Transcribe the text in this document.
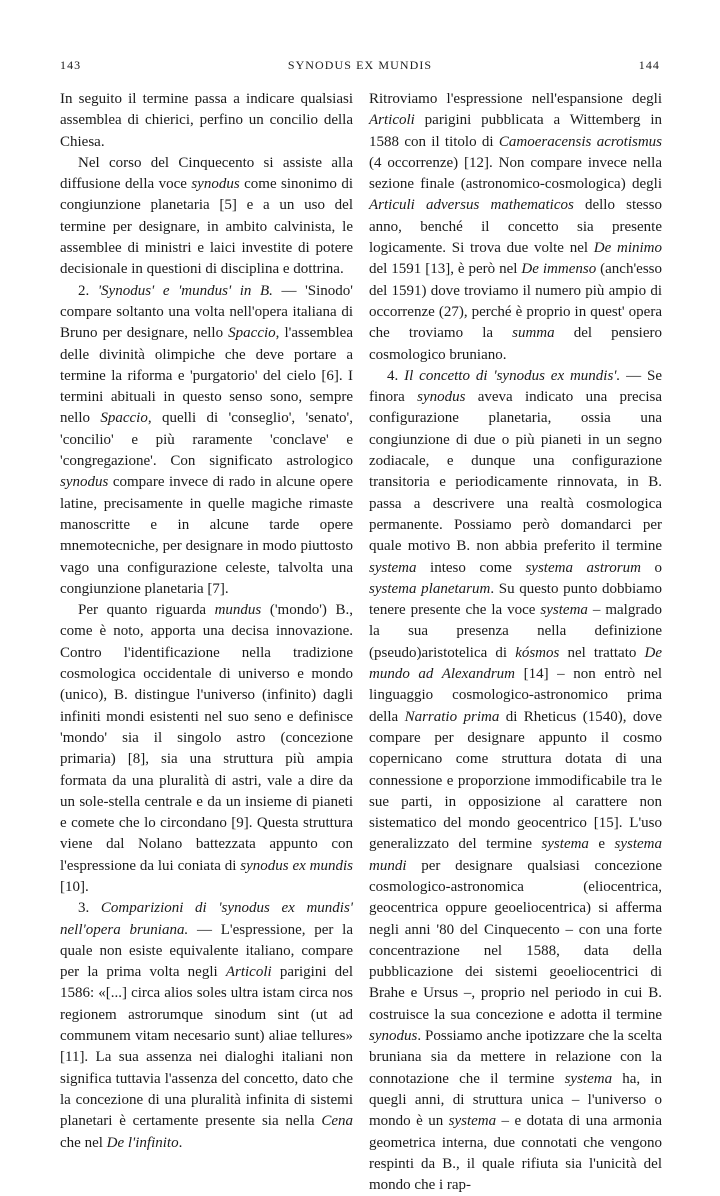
143	SYNODUS EX MUNDIS	144

In seguito il termine passa a indicare qualsiasi assemblea di chierici, perfino un concilio della Chiesa.

Nel corso del Cinquecento si assiste alla diffusione della voce synodus come sinonimo di congiunzione planetaria [5] e a un uso del termine per designare, in ambito calvinista, le assemblee di ministri e laici investite di potere decisionale in questioni di disciplina e dottrina.

2. 'Synodus' e 'mundus' in B. — 'Sinodo' compare soltanto una volta nell'opera italiana di Bruno per designare, nello Spaccio, l'assemblea delle divinità olimpiche che deve portare a termine la riforma e 'purgatorio' del cielo [6]. I termini abituali in questo senso sono, sempre nello Spaccio, quelli di 'conseglio', 'senato', 'concilio' e più raramente 'conclave' e 'congregazione'. Con significato astrologico synodus compare invece di rado in alcune opere latine, precisamente in quelle magiche rimaste manoscritte e in alcune tarde opere mnemotecniche, per designare in modo piuttosto vago una configurazione celeste, talvolta una congiunzione planetaria [7].

Per quanto riguarda mundus ('mondo') B., come è noto, apporta una decisa innovazione. Contro l'identificazione nella tradizione cosmologica occidentale di universo e mondo (unico), B. distingue l'universo (infinito) dagli infiniti mondi esistenti nel suo seno e definisce 'mondo' sia il singolo astro (concezione primaria) [8], sia una struttura più ampia formata da una pluralità di astri, vale a dire da un sole-stella centrale e da un insieme di pianeti e comete che lo circondano [9]. Questa struttura viene dal Nolano battezzata appunto con l'espressione da lui coniata di synodus ex mundis [10].

3. Comparizioni di 'synodus ex mundis' nell'opera bruniana. — L'espressione, per la quale non esiste equivalente italiano, compare per la prima volta negli Articoli parigini del 1586: «[...] circa alios soles ultra istam circa nos regionem astrorumque sinodum sint (ut ad communem vitam necesario sunt) aliae tellures» [11]. La sua assenza nei dialoghi italiani non significa tuttavia l'assenza del concetto, dato che la concezione di una pluralità infinita di sistemi planetari è certamente presente sia nella Cena che nel De l'infinito.

Ritroviamo l'espressione nell'espansione degli Articoli parigini pubblicata a Wittemberg in 1588 con il titolo di Camoeracensis acrotismus (4 occorrenze) [12]. Non compare invece nella sezione finale (astronomico-cosmologica) degli Articuli adversus mathematicos dello stesso anno, benché il concetto sia presente logicamente. Si trova due volte nel De minimo del 1591 [13], è però nel De immenso (anch'esso del 1591) dove troviamo il numero più ampio di occorrenze (27), perché è proprio in quest' opera che troviamo la summa del pensiero cosmologico bruniano.

4. Il concetto di 'synodus ex mundis'. — Se finora synodus aveva indicato una precisa configurazione planetaria, ossia una congiunzione di due o più pianeti in un segno zodiacale, e dunque una configurazione transitoria e periodicamente rinnovata, in B. passa a descrivere una realtà cosmologica permanente. Possiamo però domandarci per quale motivo B. non abbia preferito il termine systema inteso come systema astrorum o systema planetarum. Su questo punto dobbiamo tenere presente che la voce systema – malgrado la sua presenza nella definizione (pseudo)aristotelica di kósmos nel trattato De mundo ad Alexandrum [14] – non entrò nel linguaggio cosmologico-astronomico prima della Narratio prima di Rheticus (1540), dove compare per designare appunto il cosmo copernicano come struttura dotata di una connessione e proporzione immodificabile tra le sue parti, in opposizione al carattere non sistematico del mondo geocentrico [15]. L'uso generalizzato del termine systema e systema mundi per designare qualsiasi concezione cosmologico-astronomica (eliocentrica, geocentrica oppure geoeliocentrica) si afferma negli anni '80 del Cinquecento – con una forte concentrazione nel 1588, data della pubblicazione dei sistemi geoeliocentrici di Brahe e Ursus –, proprio nel periodo in cui B. costruisce la sua concezione e adotta il termine synodus. Possiamo anche ipotizzare che la scelta bruniana sia da mettere in relazione con la connotazione che il termine systema ha, in quegli anni, di struttura unica – l'universo o mondo è un systema – e dotata di una armonia geometrica interna, due connotati che vengono respinti da B., il quale rifiuta sia l'unicità del mondo che i rap-
